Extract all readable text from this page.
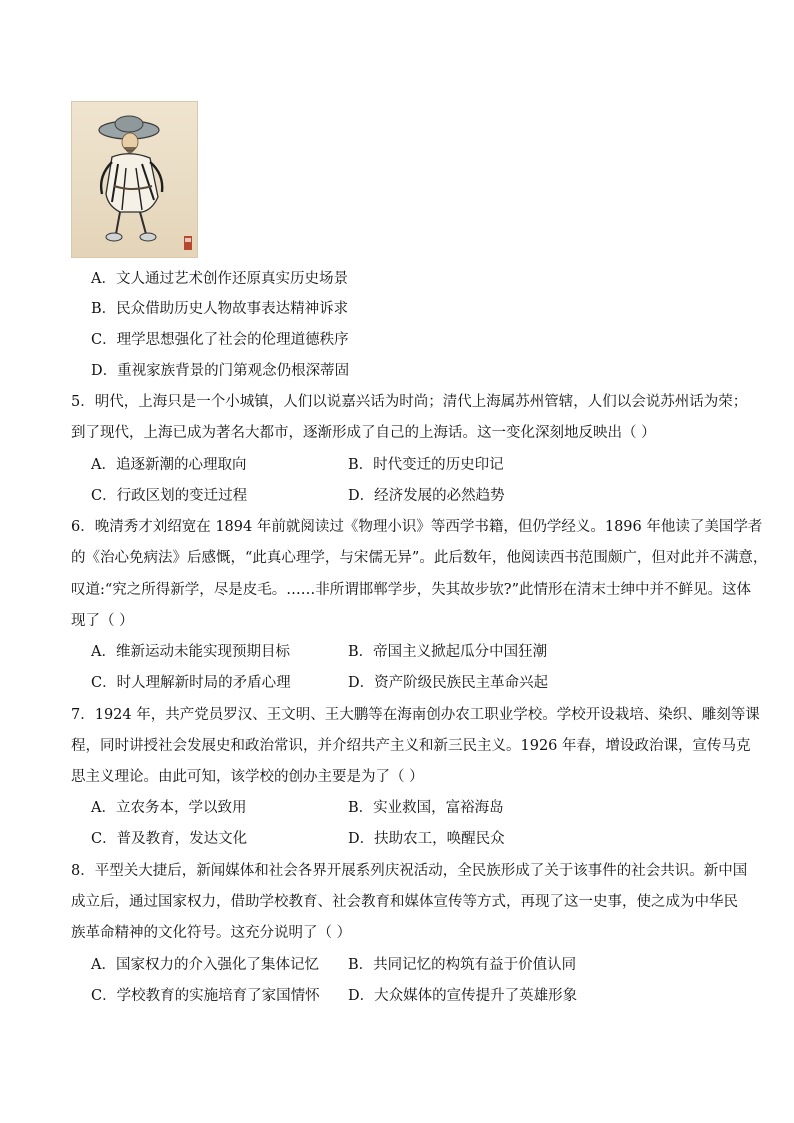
A．文人通过艺术创作还原真实历史场景
B．民众借助历史人物故事表达精神诉求
C．理学思想强化了社会的伦理道德秩序
D．重视家族背景的门第观念仍根深蒂固
5．明代，上海只是一个小城镇，人们以说嘉兴话为时尚；清代上海属苏州管辖，人们以会说苏州话为荣；
到了现代，上海已成为著名大都市，逐渐形成了自己的上海话。这一变化深刻地反映出（ ）
A．追逐新潮的心理取向	B．时代变迁的历史印记
C．行政区划的变迁过程	D．经济发展的必然趋势
6．晚清秀才刘绍宽在 1894 年前就阅读过《物理小识》等西学书籍，但仍学经义。1896 年他读了美国学者
的《治心免病法》后感慨，“此真心理学，与宋儒无异”。此后数年，他阅读西书范围颇广，但对此并不满意，
叹道:“究之所得新学，尽是皮毛。……非所谓邯郸学步，失其故步欤?”此情形在清末士绅中并不鲜见。这体
现了（ ）
A．维新运动未能实现预期目标	B．帝国主义掀起瓜分中国狂潮
C．时人理解新时局的矛盾心理	D．资产阶级民族民主革命兴起
7．1924 年，共产党员罗汉、王文明、王大鹏等在海南创办农工职业学校。学校开设栽培、染织、雕刻等课
程，同时讲授社会发展史和政治常识，并介绍共产主义和新三民主义。1926 年春，增设政治课，宣传马克
思主义理论。由此可知，该学校的创办主要是为了（ ）
A．立农务本，学以致用	B．实业救国，富裕海岛
C．普及教育，发达文化	D．扶助农工，唤醒民众
8．平型关大捷后，新闻媒体和社会各界开展系列庆祝活动，全民族形成了关于该事件的社会共识。新中国
成立后，通过国家权力，借助学校教育、社会教育和媒体宣传等方式，再现了这一史事，使之成为中华民
族革命精神的文化符号。这充分说明了（ ）
A．国家权力的介入强化了集体记忆 B．共同记忆的构筑有益于价值认同
C．学校教育的实施培育了家国情怀 D．大众媒体的宣传提升了英雄形象
